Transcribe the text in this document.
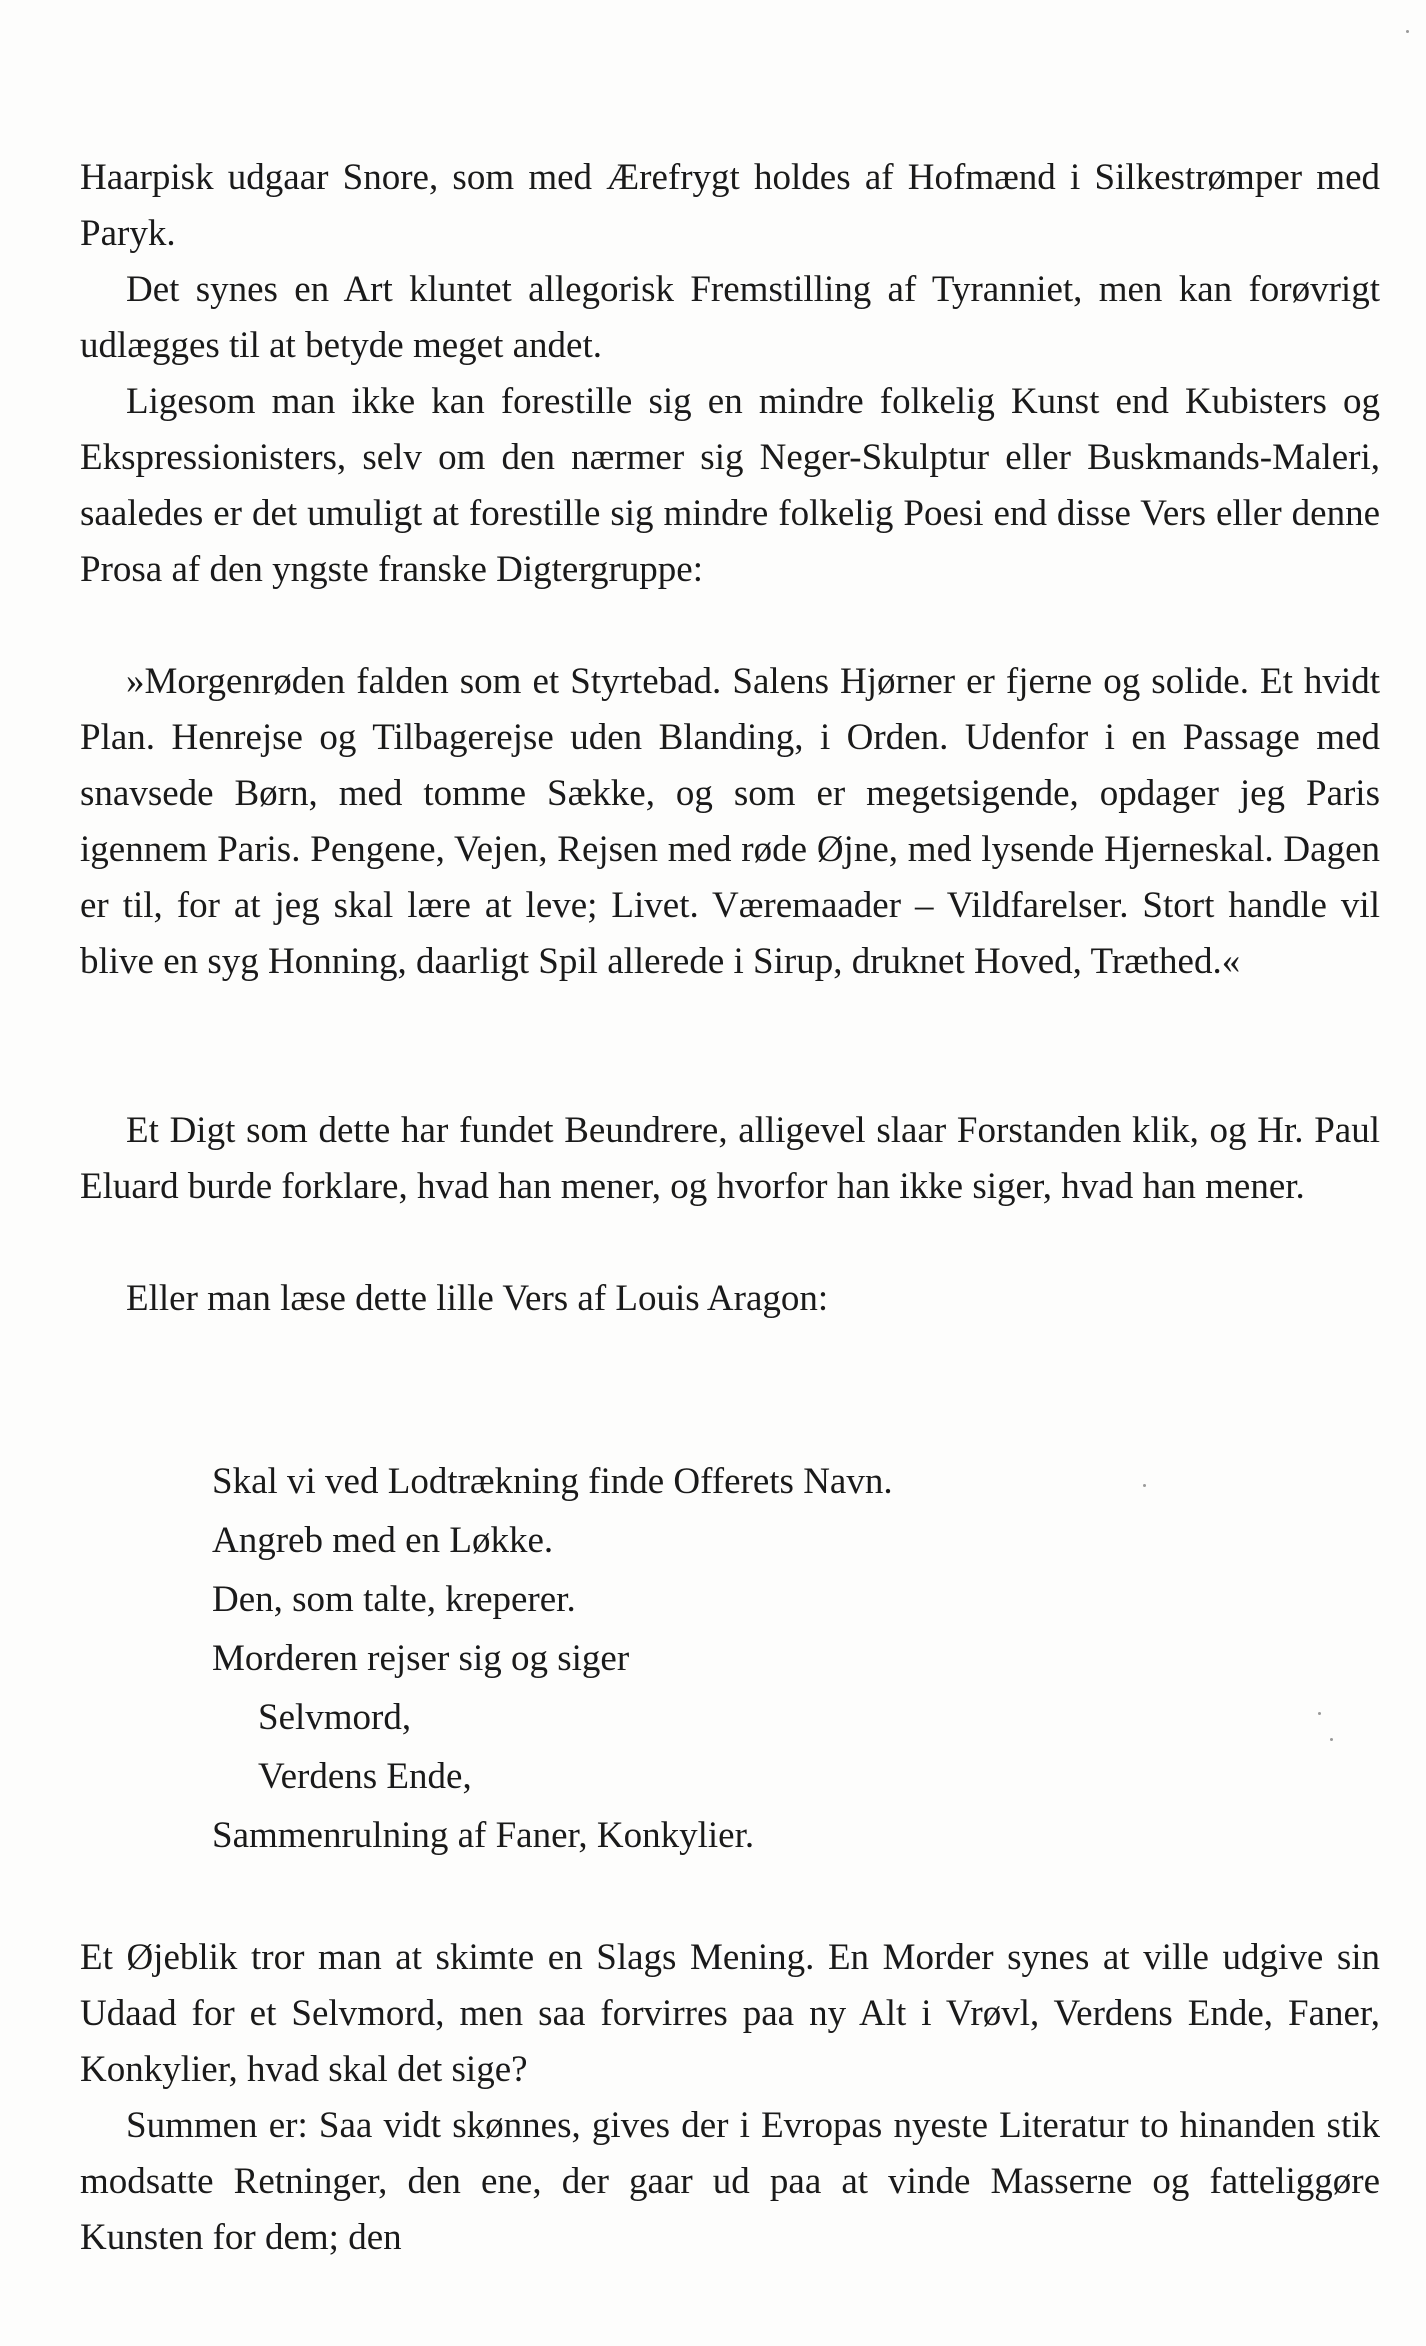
Haarpisk udgaar Snore, som med Ærefrygt holdes af Hofmænd i Silkestrømper med Paryk.

Det synes en Art kluntet allegorisk Fremstilling af Tyranniet, men kan forøvrigt udlægges til at betyde meget andet.

Ligesom man ikke kan forestille sig en mindre folkelig Kunst end Kubisters og Ekspressionisters, selv om den nærmer sig Neger-Skulptur eller Buskmands-Maleri, saaledes er det umuligt at forestille sig mindre folkelig Poesi end disse Vers eller denne Prosa af den yngste franske Digtergruppe:

»Morgenrøden falden som et Styrtebad. Salens Hjørner er fjerne og solide. Et hvidt Plan. Henrejse og Tilbagerejse uden Blanding, i Orden. Udenfor i en Passage med snavsede Børn, med tomme Sække, og som er megetsigende, opdager jeg Paris igennem Paris. Pengene, Vejen, Rejsen med røde Øjne, med lysende Hjerneskal. Dagen er til, for at jeg skal lære at leve; Livet. Væremaader – Vildfarelser. Stort handle vil blive en syg Honning, daarligt Spil allerede i Sirup, druknet Hoved, Træthed.«

Et Digt som dette har fundet Beundrere, alligevel slaar Forstanden klik, og Hr. Paul Eluard burde forklare, hvad han mener, og hvorfor han ikke siger, hvad han mener.

Eller man læse dette lille Vers af Louis Aragon:

Skal vi ved Lodtrækning finde Offerets Navn.
Angreb med en Løkke.
Den, som talte, kreperer.
Morderen rejser sig og siger
Selvmord,
Verdens Ende,
Sammenrulning af Faner, Konkylier.

Et Øjeblik tror man at skimte en Slags Mening. En Morder synes at ville udgive sin Udaad for et Selvmord, men saa forvirres paa ny Alt i Vrøvl, Verdens Ende, Faner, Konkylier, hvad skal det sige?

Summen er: Saa vidt skønnes, gives der i Evropas nyeste Literatur to hinanden stik modsatte Retninger, den ene, der gaar ud paa at vinde Masserne og fatteliggøre Kunsten for dem; den
